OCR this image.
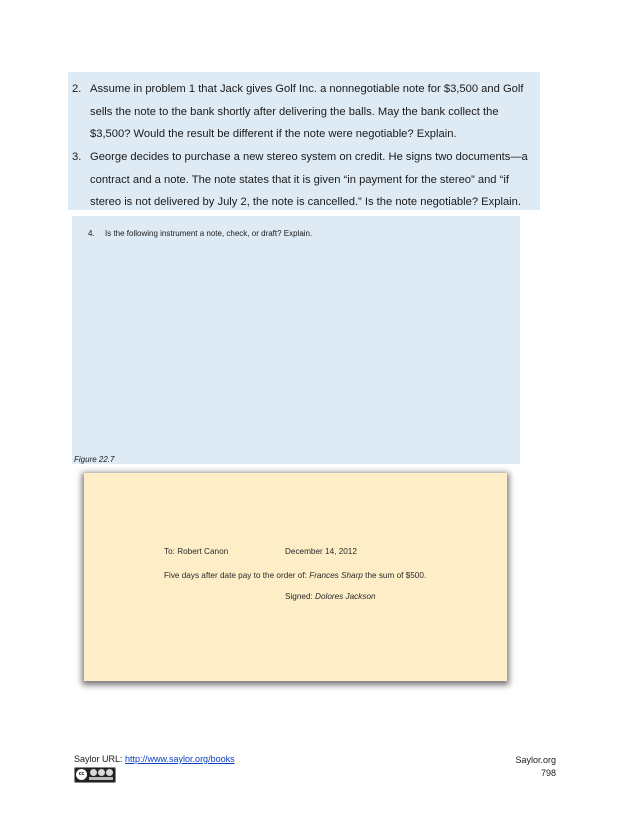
2. Assume in problem 1 that Jack gives Golf Inc. a nonnegotiable note for $3,500 and Golf sells the note to the bank shortly after delivering the balls. May the bank collect the $3,500? Would the result be different if the note were negotiable? Explain.
3. George decides to purchase a new stereo system on credit. He signs two documents—a contract and a note. The note states that it is given “in payment for the stereo” and “if stereo is not delivered by July 2, the note is cancelled.” Is the note negotiable? Explain.
4. Is the following instrument a note, check, or draft? Explain.
Figure 22.7
To: Robert Canon	December 14, 2012
Five days after date pay to the order of: Frances Sharp the sum of $500.
Signed: Dolores Jackson
Saylor URL: http://www.saylor.org/books
cc
Saylor.org
798
